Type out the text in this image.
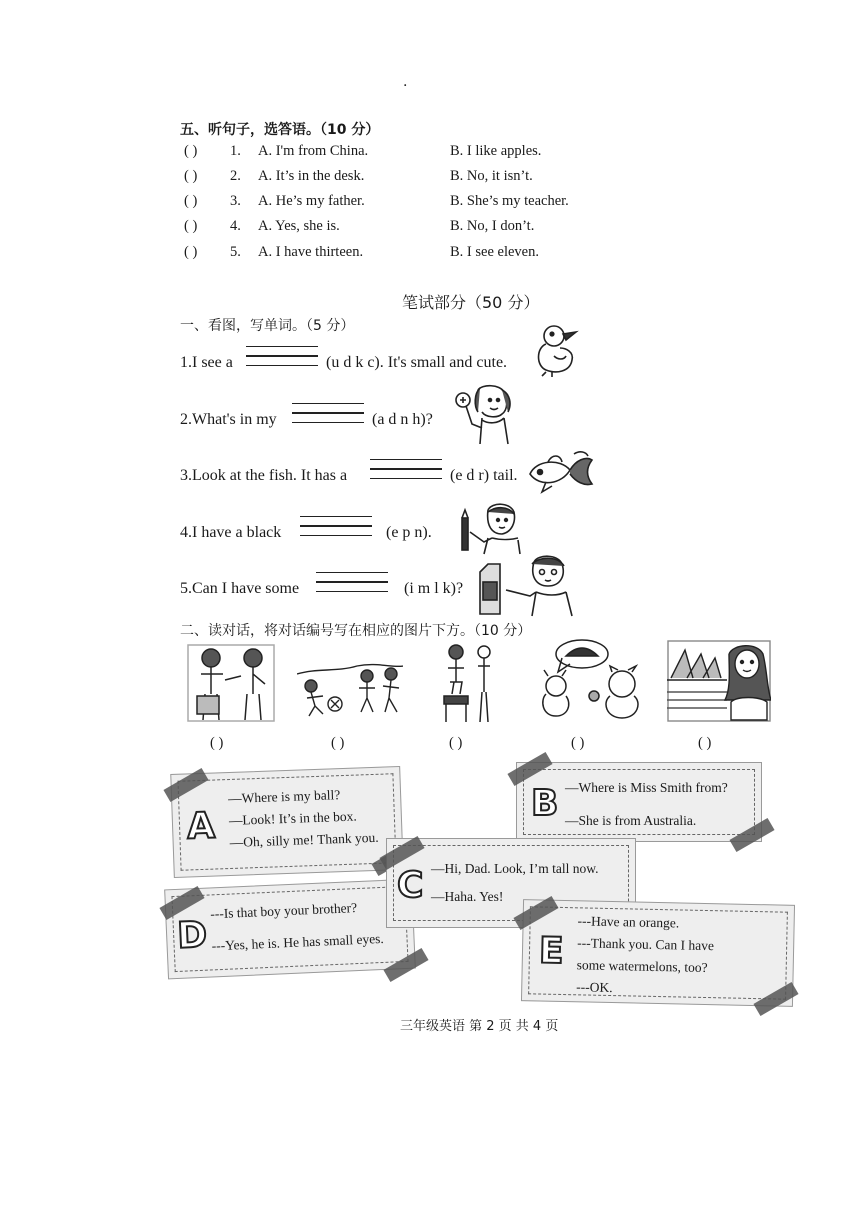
·
五、听句子，选答语。（10 分）
( ) 1. A. I'm from China.	B. I like apples.
( ) 2. A. It’s in the desk.	B. No, it isn’t.
( ) 3. A. He’s my father.	B. She’s my teacher.
( ) 4. A. Yes, she is.	B. No, I don’t.
( ) 5. A. I have thirteen.	B. I see eleven.
笔试部分（50 分）
一、看图，写单词。（5 分）
1.I see a	(u d k c). It's small and cute.
2.What's in my	(a d n h)?
3.Look at the fish. It has a	(e d r) tail.
4.I have a black	(e p n).
5.Can I have some	(i m l k)?
二、读对话，将对话编号写在相应的图片下方。（10 分）
( )	( )	( )	( )	( )
A
—Where is my ball?
—Look! It’s in the box.
—Oh, silly me! Thank you.
B —Where is Miss Smith from?
—She is from Australia.
D
---Is that boy your brother?
---Yes, he is. He has small eyes.
C —Hi, Dad. Look, I’m tall now.
—Haha. Yes!
E
---Have an orange.
---Thank you. Can I have
some watermelons, too?
---OK.
三年级英语 第 2 页 共 4 页
